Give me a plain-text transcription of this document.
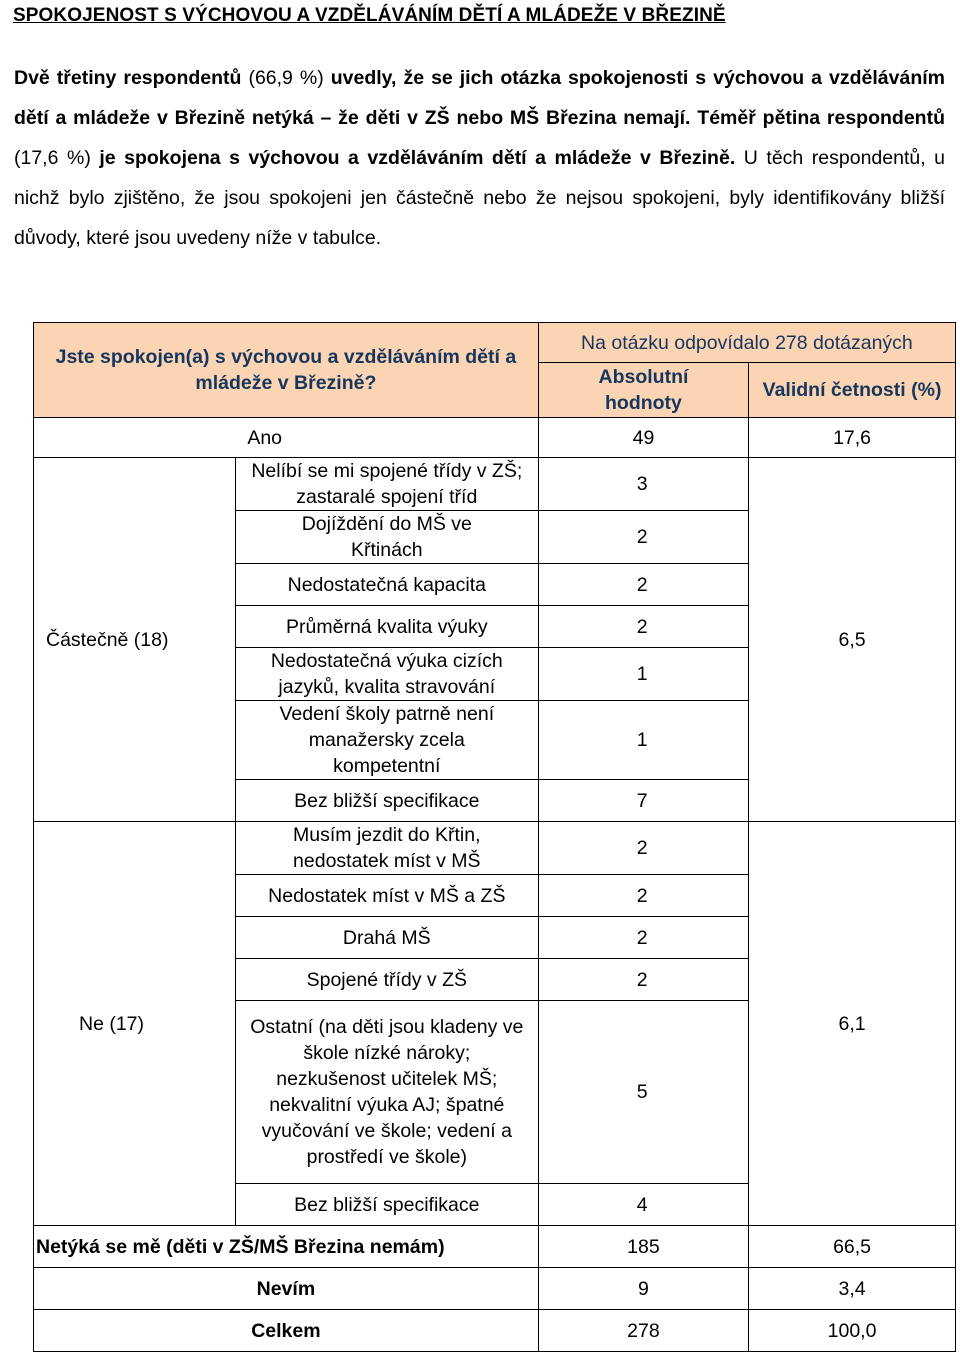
SPOKOJENOST S VÝCHOVOU A VZDĚLÁVÁNÍM DĚTÍ A MLÁDEŽE V BŘEZINĚ

Dvě třetiny respondentů (66,9 %) uvedly, že se jich otázka spokojenosti s výchovou a vzděláváním dětí a mládeže v Březině netýká – že děti v ZŠ nebo MŠ Březina nemají. Téměř pětina respondentů (17,6 %) je spokojena s výchovou a vzděláváním dětí a mládeže v Březině. U těch respondentů, u nichž bylo zjištěno, že jsou spokojeni jen částečně nebo že nejsou spokojeni, byly identifikovány bližší důvody, které jsou uvedeny níže v tabulce.

Jste spokojen(a) s výchovou a vzděláváním dětí a mládeže v Březině?		Na otázku odpovídalo 278 dotázaných	
		Absolutní hodnoty	Validní četnosti (%)
	Ano	49	17,6
Částečně (18)	Nelíbí se mi spojené třídy v ZŠ; zastaralé spojení tříd	3	6,5
	Dojíždění do MŠ ve Křtinách	2	
	Nedostatečná kapacita	2	
	Průměrná kvalita výuky	2	
	Nedostatečná výuka cizích jazyků, kvalita stravování	1	
	Vedení školy patrně není manažersky zcela kompetentní	1	
	Bez bližší specifikace	7	
Ne (17)	Musím jezdit do Křtin, nedostatek míst v MŠ	2	6,1
	Nedostatek míst v MŠ a ZŠ	2	
	Drahá MŠ	2	
	Spojené třídy v ZŠ	2	
	Ostatní (na děti jsou kladeny ve škole nízké nároky; nezkušenost učitelek MŠ; nekvalitní výuka AJ; špatné vyučování ve škole; vedení a prostředí ve škole)	5	
	Bez bližší specifikace	4	
Netýká se mě (děti v ZŠ/MŠ Březina nemám)		185	66,5
Nevím		9	3,4
Celkem		278	100,0
